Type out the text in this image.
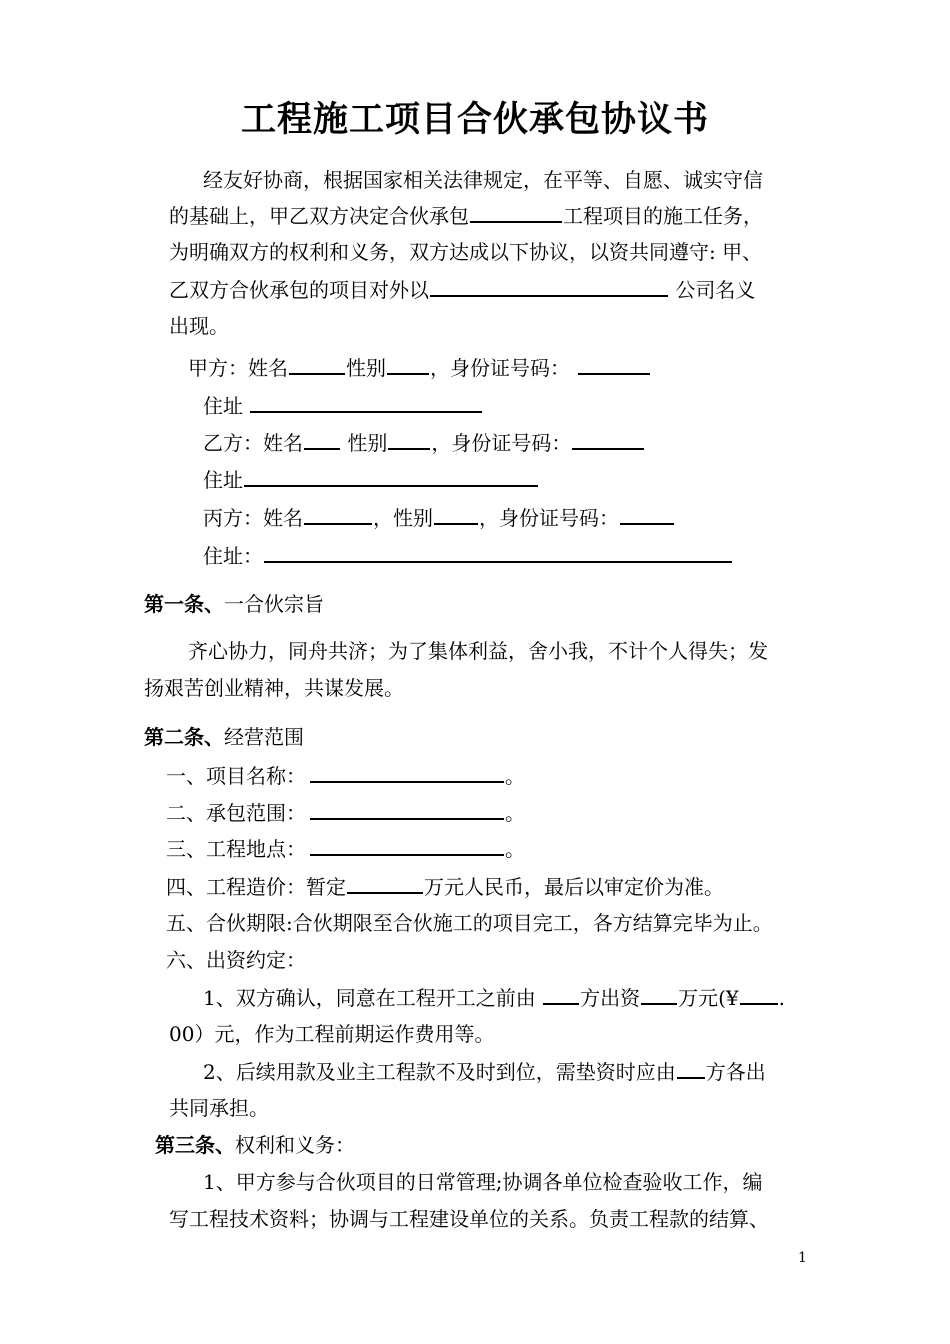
工程施工项目合伙承包协议书
经友好协商，根据国家相关法律规定，在平等、自愿、诚实守信
的基础上，甲乙双方决定合伙承包	工程项目的施工任务，
为明确双方的权利和义务，双方达成以下协议，以资共同遵守: 甲、
乙双方合伙承包的项目对外以	公司名义
出现。
甲方：姓名	性别 ，身份证号码：
住址
乙方：姓名 性别 ，身份证号码：
住址
丙方：姓名	，性别 ，身份证号码：
住址：
第一条、一合伙宗旨
齐心协力，同舟共济；为了集体利益，舍小我，不计个人得失；发
扬艰苦创业精神，共谋发展。
第二条、经营范围
一、项目名称：	。
二、承包范围：	。
三、工程地点：	。
四、工程造价：暂定	万元人民币，最后以审定价为准。
五、合伙期限:合伙期限至合伙施工的项目完工，各方结算完毕为止。
六、出资约定：
1、双方确认，同意在工程开工之前由 方出资 万元(¥ .
00）元，作为工程前期运作费用等。
2、后续用款及业主工程款不及时到位，需垫资时应由 方各出
共同承担。
第三条、权利和义务：
1、甲方参与合伙项目的日常管理;协调各单位检查验收工作，编
写工程技术资料；协调与工程建设单位的关系。负责工程款的结算、
1
